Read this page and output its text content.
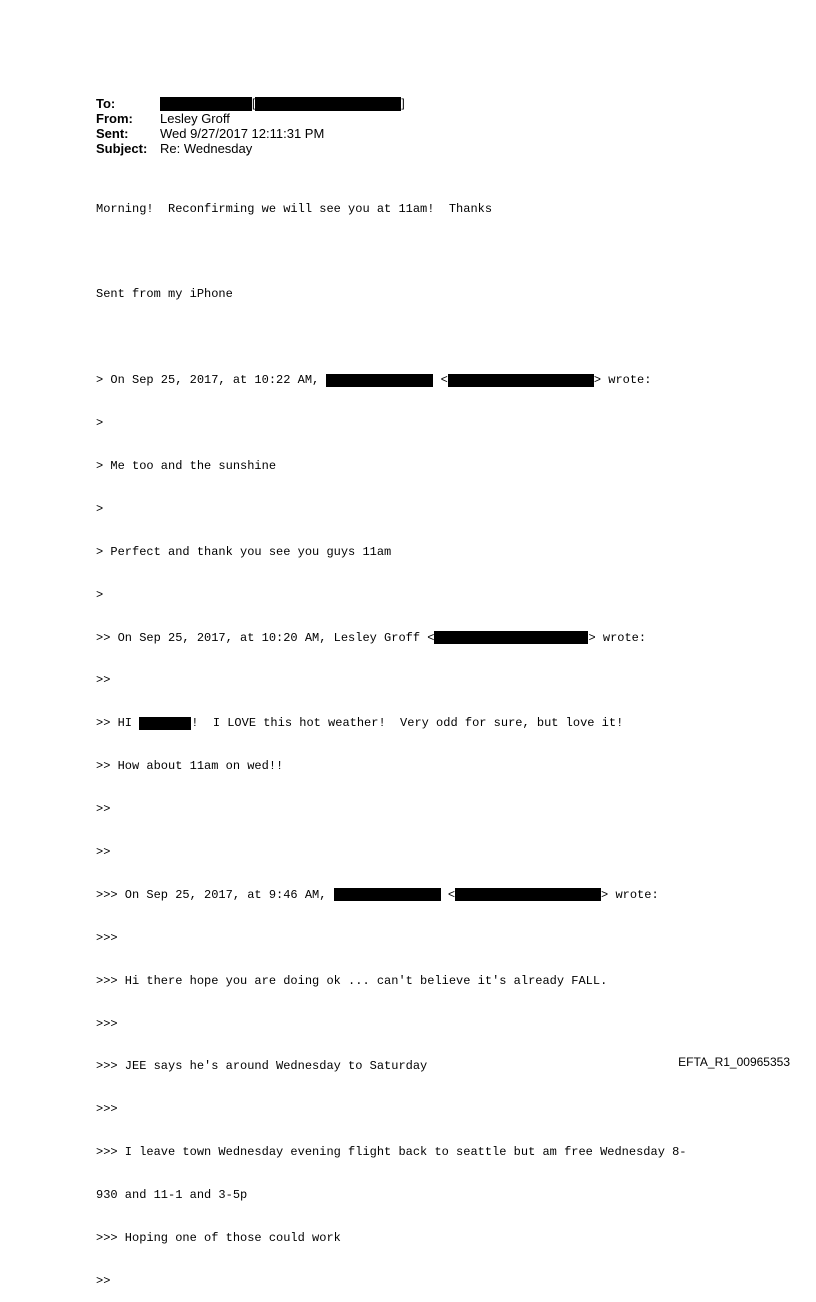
To:	[	]
From:	Lesley Groff
Sent:	Wed 9/27/2017 12:11:31 PM
Subject: Re: Wednesday

Morning!  Reconfirming we will see you at 11am!  Thanks

Sent from my iPhone

> On Sep 25, 2017, at 10:22 AM,	<	> wrote:

>

> Me too and the sunshine

>

> Perfect and thank you see you guys 11am

>

>> On Sep 25, 2017, at 10:20 AM, Lesley Groff <	> wrote:

>>

>> HI	!  I LOVE this hot weather!  Very odd for sure, but love it!

>> How about 11am on wed!!

>>

>>

>>> On Sep 25, 2017, at 9:46 AM,	<	> wrote:

>>>

>>> Hi there hope you are doing ok ... can't believe it's already FALL.

>>>

>>> JEE says he's around Wednesday to Saturday

>>>

>>> I leave town Wednesday evening flight back to seattle but am free Wednesday 8-

930 and 11-1 and 3-5p

>>> Hoping one of those could work

>>

EFTA_R1_00965353
